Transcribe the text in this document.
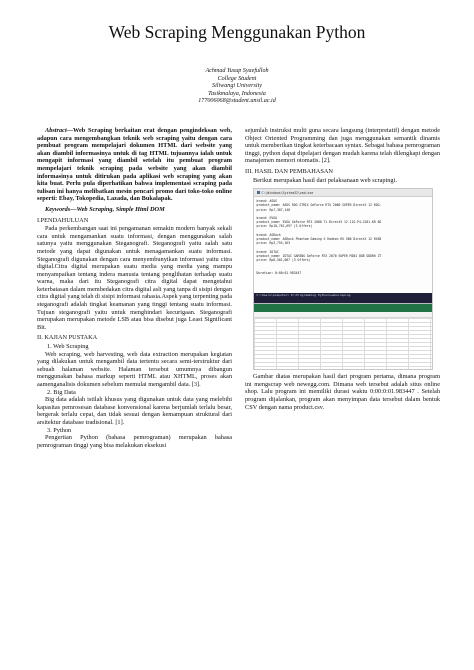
Web Scraping Menggunakan Python
Achmad Yusup Syaefulloh
College Student
Siliwangi University
Tasikmalaya, Indonesia
177006068@student.unsil.ac.id

Abstract—Web Scraping berkaitan erat dengan pengindeksan web, adapun cara mengembangkan teknik web scraping yaitu dengan cara pembuat program mempelajari dokumen HTML dari website yang akan diambil informasinya untuk di tag HTML tujuannya ialah untuk mengapit informasi yang diambil setelah itu pembuat program mempelajari teknik scraping pada website yang akan diambil informasinya untuk ditirukan pada aplikasi web scraping yang akan kita buat. Perlu pula diperhatikan bahwa implementasi scraping pada tulisan ini hanya melibatkan mesin pencari promo dari toko-toko online seperti: Ebay, Tokopedia, Lazada, dan Bukalapak.

Keywords—Web Scraping, Simple Html DOM

I.PENDAHULUAN

Pada perkembangan saat ini pengamanan semakin modern banyak sekali cara untuk mengamankan suatu informasi, dengan menggunakan salah satunya yaitu menggunakan Steganografi. Steganografi yaitu salah satu metode yang dapat digunakan untuk menagamankan suatu informasi. Steganografi digunakan dengan cara menyembunyikan informasi yaitu citra digital.Citra digital merupakan suatu media yang media yang mampu menyampaikan tentang indera manusia tentang penglihatan terhadap suatu warna, maka dari itu Steganografi citra digital dapat mengetahui keterbatasan dalam membedakan citra digital asli yang tanpa di sisipi dengan citra digital yang telah di sisipi informasi rahasia.Aspek yang terpenting pada steganografi adalah tingkat keamanan yang tinggi tentang suatu informasi. Tujuan steganografi yaitu untuk menghindari kecurigaan. Steganografi merupakan merupakan metode LSB atau bisa disebut juga Least Significant Bit.

II. KAJIAN PUSTAKA

1. Web Scraping

Web scraping, web harvesting, web data extraction merupakan kegiatan yang dilakukan untuk mengambil data tertentu secara semi-terstruktur dari sebuah halaman website. Halaman tersebut umumnya dibangun menggunakan bahasa markup seperti HTML atau XHTML, proses akan aamenganalisis dokumen sebelum memulai mengambil data. [3].

2. Big Data

Big data adalah istilah khusus yang digunakan untuk data yang melebihi kapasitas pemrosesan database konvensional karena berjumlah terlalu besar, bergerak terlalu cepat, dan tidak sesuai dengan kemampuan struktural dari arsitektur database tradisional. [1].

3. Python

Pengertian Python (bahasa pemrograman) merupakan bahasa pemrograman tinggi yang bisa melakukan eksekusi

sejumlah instruksi multi guna secara langsung (interpretatif) dengan metode Object Oriented Programming dan juga menggunakan semantik dinamis untuk memberikan tingkat keterbacaan syntax. Sebagai bahasa pemrograman tinggi, python dapat dipelajari dengan mudah karena telah dilengkapi dengan manajemen memori otomatis. [2].

III. HASIL DAN PEMBAHASAN

Berikut merupakan hasil dari pelaksanaan web scrapingi.

C:\Windows\System32\cmd.exe
brand: ASUS
product_name: ASUS ROG STRIX GeForce RTX 2080 SUPER DirectX 12 ROG-
price: Rp7,387,140

brand: EVGA
product_name: EVGA GeForce RTX 2080 Ti DirectX 12 11G-P4-2281-KR 8G
price: Rp18,761,697 (3 Offers)

brand: ASRock
product_name: ASRock Phantom Gaming X Radeon RX 580 DirectX 12 RX58
price: Rp3,755,163

brand: ZOTAC
product_name: ZOTAC GAMING GeForce RTX 2070 SUPER MINI 8GB GDDR6 ZT
price: Rp8,501,007 (3 Offers)

Duration: 0:00:01.983447
C:\Users\Computer> D:\Programming Python\webscraping

Gambar diatas merupakan hasil dari program pertama, dimana program ini mengscrap web newegg.com. Dimana web tersebut adalah situs online shop. Lalu program ini memiliki durasi waktu 0:00:0:01.983447 . Setelah program dijalankan, program akan menyimpan data tersebut dalam bentuk CSV dengan nama product.csv.
